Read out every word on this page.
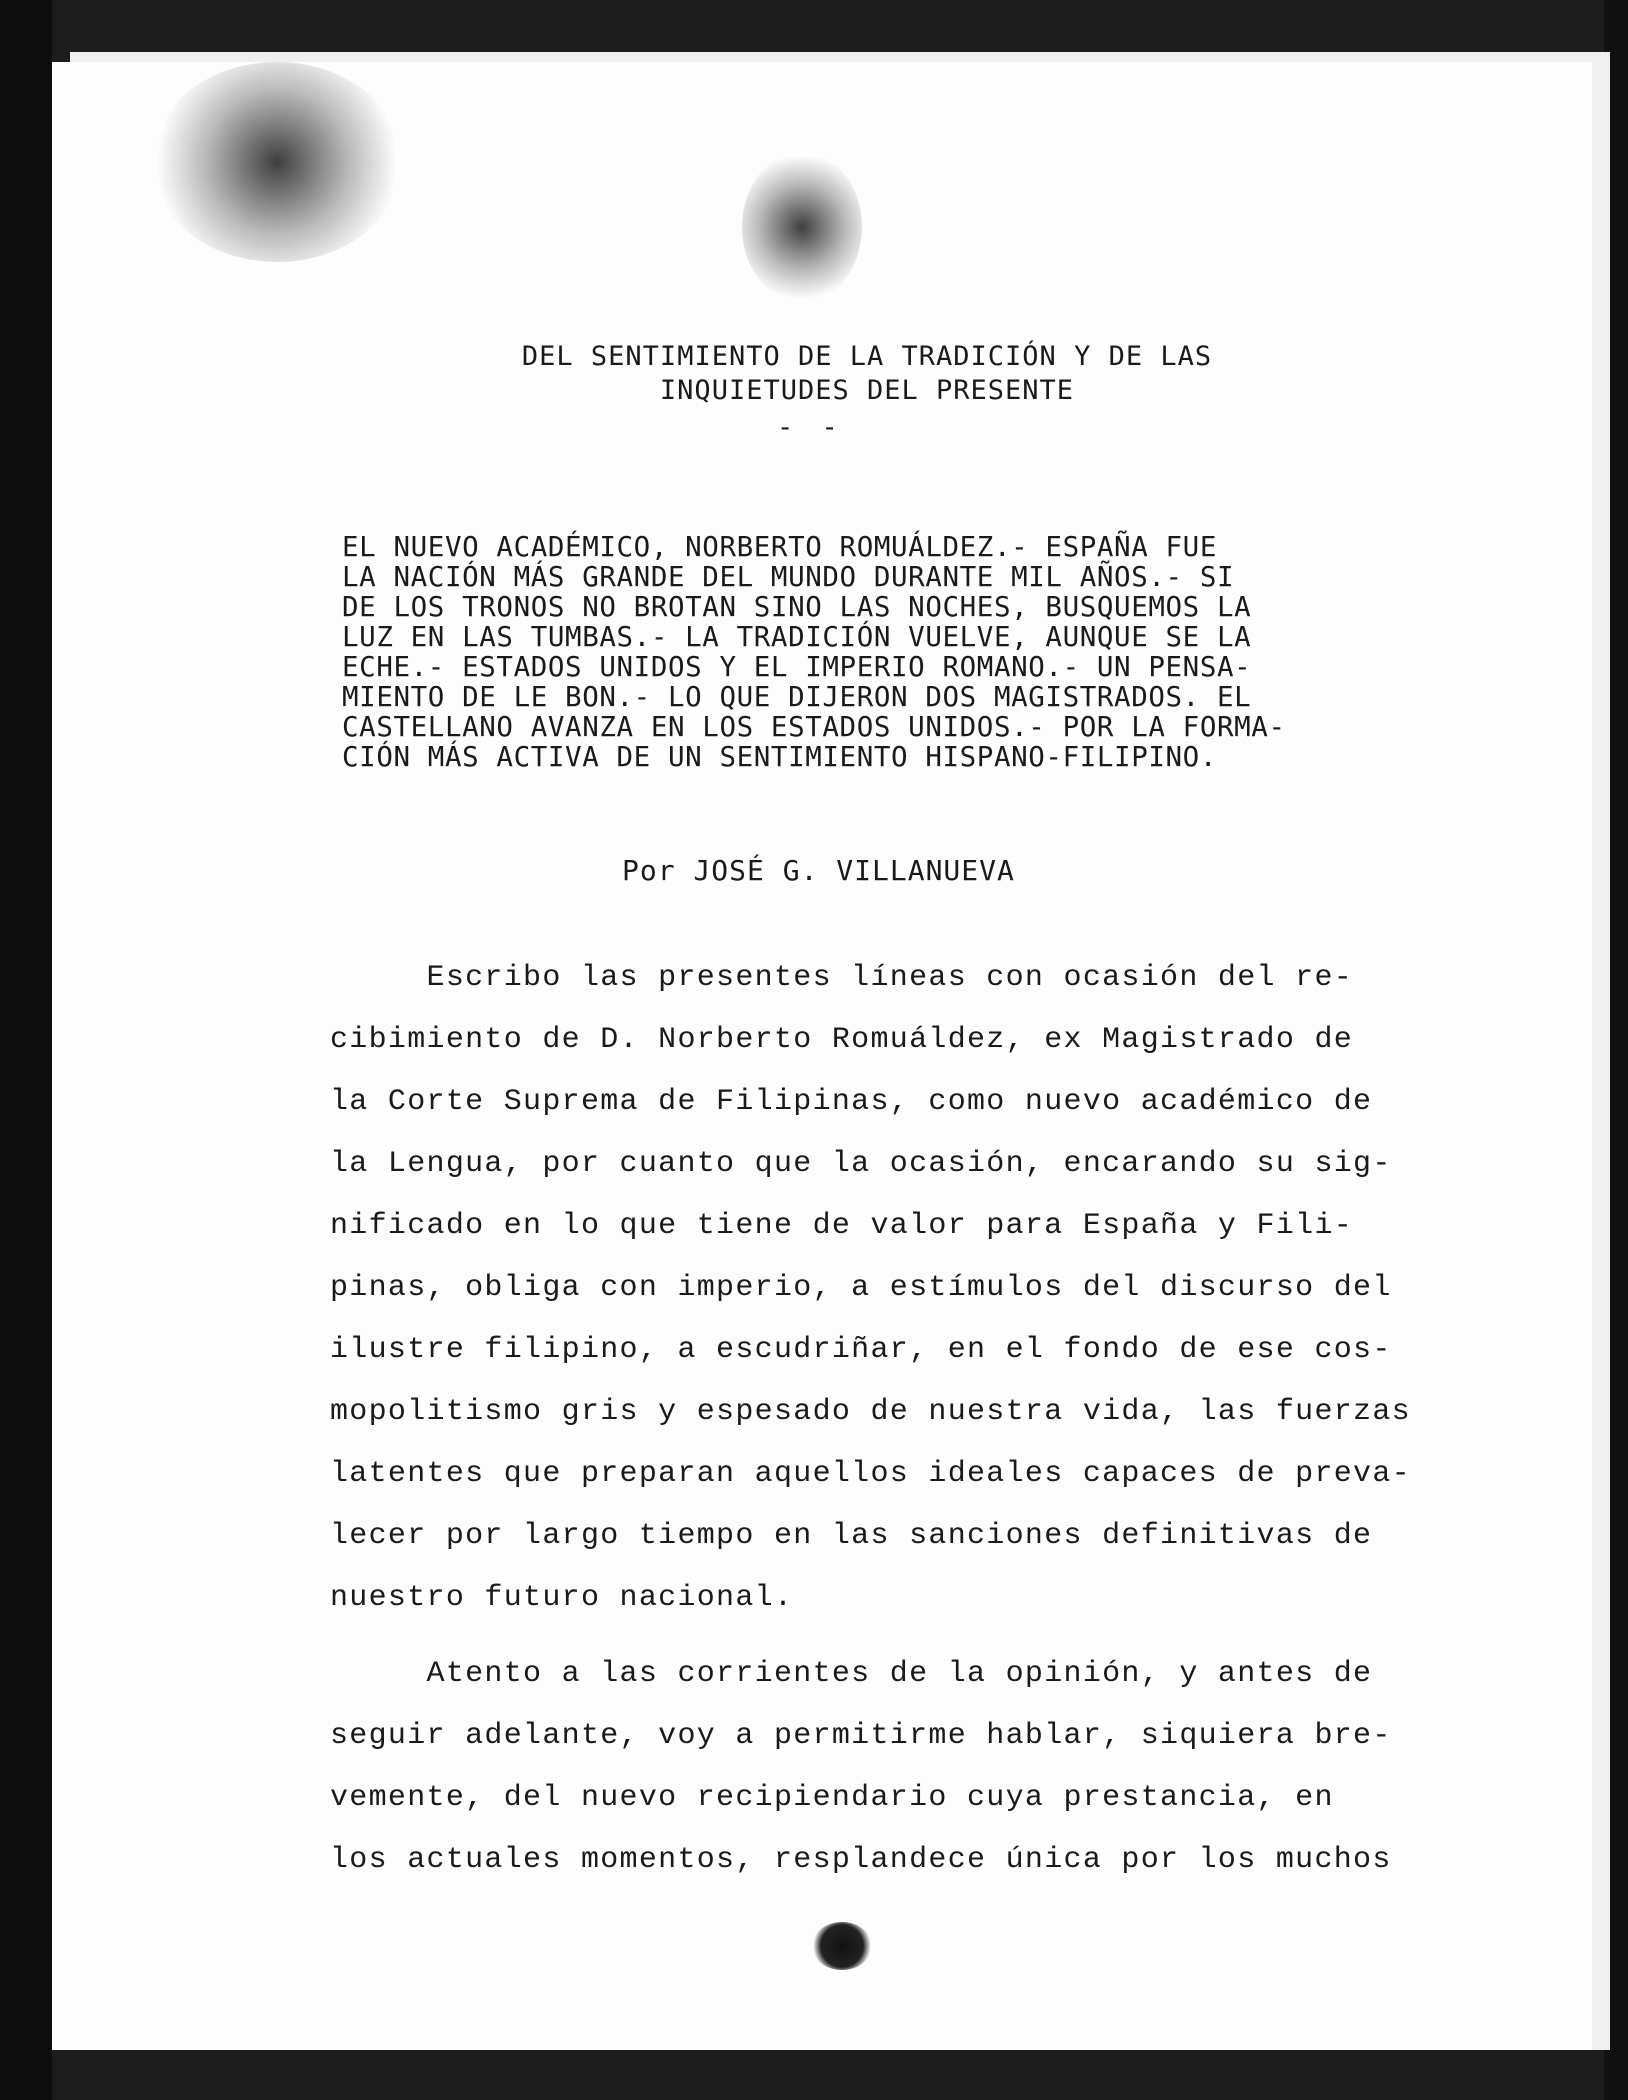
DEL SENTIMIENTO DE LA TRADICIÓN Y DE LAS
INQUIETUDES DEL PRESENTE
- -
EL NUEVO ACADÉMICO, NORBERTO ROMUÁLDEZ.- ESPAÑA FUE
LA NACIÓN MÁS GRANDE DEL MUNDO DURANTE MIL AÑOS.- SI
DE LOS TRONOS NO BROTAN SINO LAS NOCHES, BUSQUEMOS LA
LUZ EN LAS TUMBAS.- LA TRADICIÓN VUELVE, AUNQUE SE LA
ECHE.- ESTADOS UNIDOS Y EL IMPERIO ROMANO.- UN PENSA-
MIENTO DE LE BON.- LO QUE DIJERON DOS MAGISTRADOS. EL
CASTELLANO AVANZA EN LOS ESTADOS UNIDOS.- POR LA FORMA-
CIÓN MÁS ACTIVA DE UN SENTIMIENTO HISPANO-FILIPINO.
Por JOSÉ G. VILLANUEVA
Escribo las presentes líneas con ocasión del re-
cibimiento de D. Norberto Romuáldez, ex Magistrado de
la Corte Suprema de Filipinas, como nuevo académico de
la Lengua, por cuanto que la ocasión, encarando su sig-
nificado en lo que tiene de valor para España y Fili-
pinas, obliga con imperio, a estímulos del discurso del
ilustre filipino, a escudriñar, en el fondo de ese cos-
mopolitismo gris y espesado de nuestra vida, las fuerzas
latentes que preparan aquellos ideales capaces de preva-
lecer por largo tiempo en las sanciones definitivas de
nuestro futuro nacional.
Atento a las corrientes de la opinión, y antes de
seguir adelante, voy a permitirme hablar, siquiera bre-
vemente, del nuevo recipiendario cuya prestancia, en
los actuales momentos, resplandece única por los muchos
